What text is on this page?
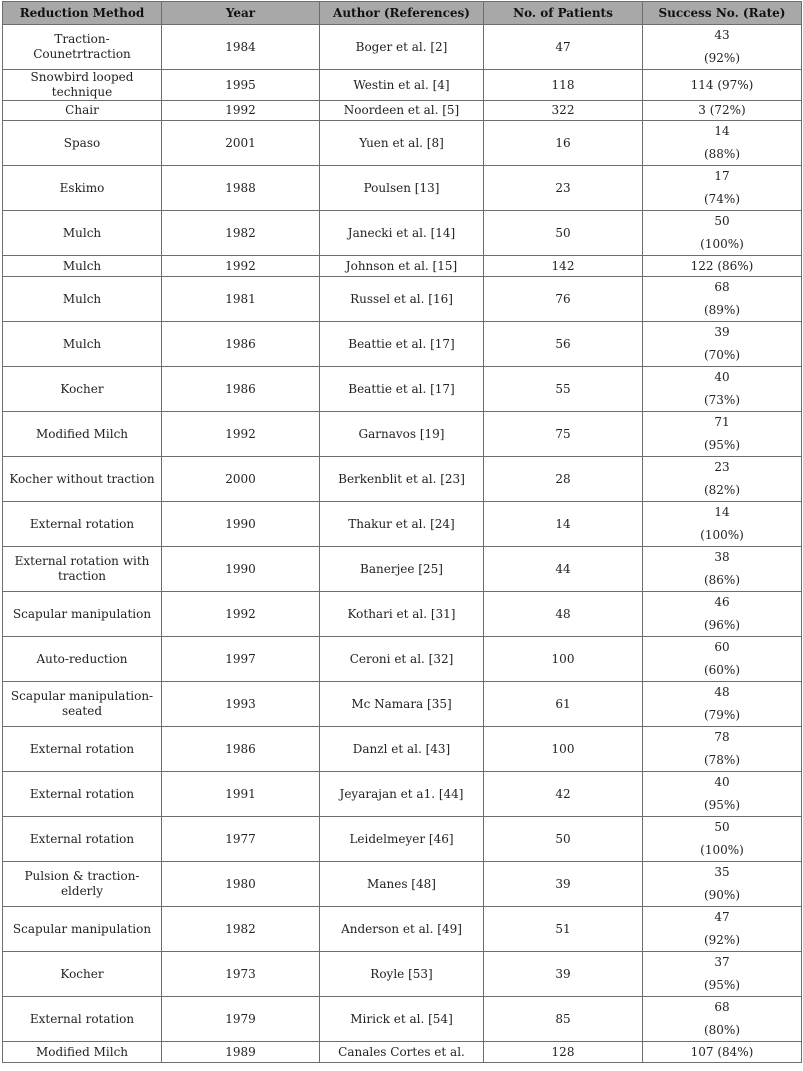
Reduction Method	Year	Author (References)	No. of Patients	Success No. (Rate)
Traction-Counetrtraction	1984	Boger et al. [2]	47	43
(92%)

Snowbird looped technique	1995	Westin et al. [4]	118	114 (97%)
Chair	1992	Noordeen et al. [5]	322	3 (72%)
Spaso	2001	Yuen et al. [8]	16	14
(88%)

Eskimo	1988	Poulsen [13]	23	17
(74%)

Mulch	1982	Janecki et al. [14]	50	50
(100%)

Mulch	1992	Johnson et al. [15]	142	122 (86%)
Mulch	1981	Russel et al. [16]	76	68
(89%)

Mulch	1986	Beattie et al. [17]	56	39
(70%)

Kocher	1986	Beattie et al. [17]	55	40
(73%)

Modified Milch	1992	Garnavos [19]	75	71
(95%)

Kocher without traction	2000	Berkenblit et al. [23]	28	23
(82%)

External rotation	1990	Thakur et al. [24]	14	14
(100%)

External rotation with traction	1990	Banerjee [25]	44	38
(86%)

Scapular manipulation	1992	Kothari et al. [31]	48	46
(96%)

Auto-reduction	1997	Ceroni et al. [32]	100	60
(60%)

Scapular manipulation-seated	1993	Mc Namara [35]	61	48
(79%)

External rotation	1986	Danzl et al. [43]	100	78
(78%)

External rotation	1991	Jeyarajan et a1. [44]	42	40
(95%)

External rotation	1977	Leidelmeyer [46]	50	50
(100%)

Pulsion & traction-elderly	1980	Manes [48]	39	35
(90%)

Scapular manipulation	1982	Anderson et al. [49]	51	47
(92%)

Kocher	1973	Royle [53]	39	37
(95%)

External rotation	1979	Mirick et al. [54]	85	68
(80%)

Modified Milch	1989	Canales Cortes et al.	128	107 (84%)
